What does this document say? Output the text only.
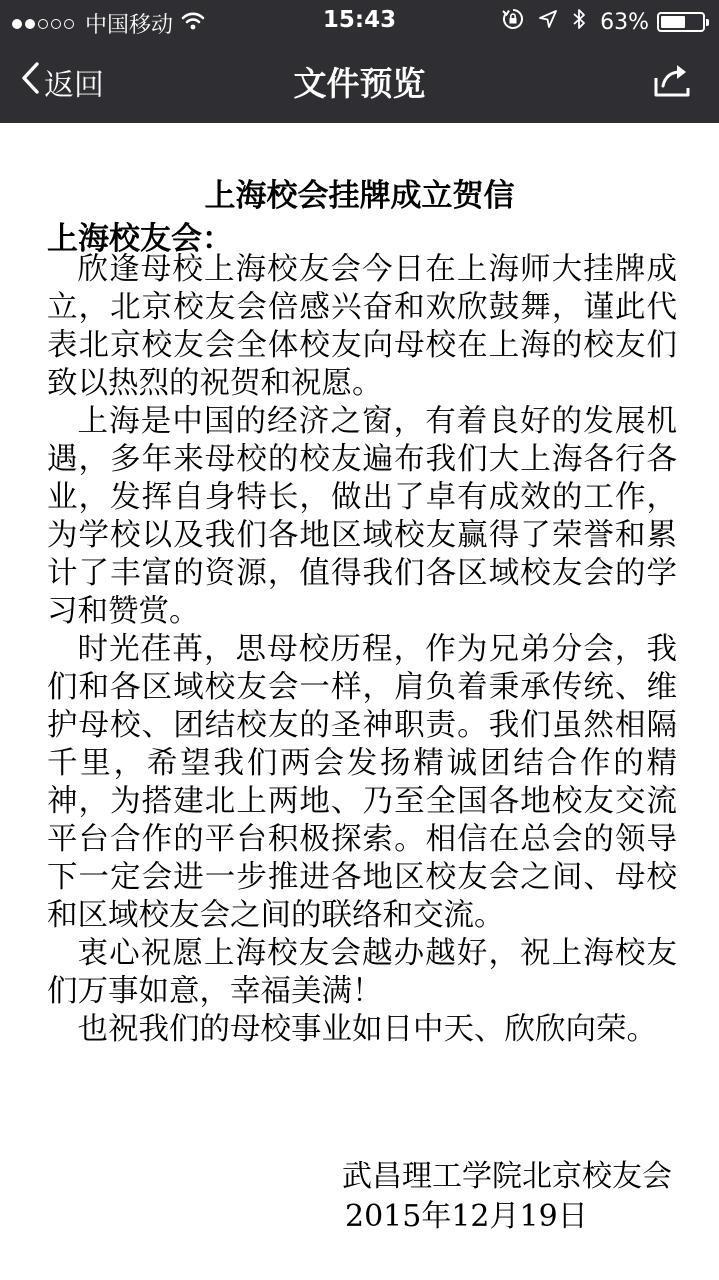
中国移动	15:43	63%
返回	文件预览
上海校会挂牌成立贺信
上海校友会：

欣逢母校上海校友会今日在上海师大挂牌成立，北京校友会倍感兴奋和欢欣鼓舞，谨此代表北京校友会全体校友向母校在上海的校友们致以热烈的祝贺和祝愿。

上海是中国的经济之窗，有着良好的发展机遇，多年来母校的校友遍布我们大上海各行各业，发挥自身特长，做出了卓有成效的工作，为学校以及我们各地区域校友赢得了荣誉和累计了丰富的资源，值得我们各区域校友会的学习和赞赏。

时光荏苒，思母校历程，作为兄弟分会，我们和各区域校友会一样，肩负着秉承传统、维护母校、团结校友的圣神职责。我们虽然相隔千里，希望我们两会发扬精诚团结合作的精神，为搭建北上两地、乃至全国各地校友交流平台合作的平台积极探索。相信在总会的领导下一定会进一步推进各地区校友会之间、母校和区域校友会之间的联络和交流。

衷心祝愿上海校友会越办越好，祝上海校友们万事如意，幸福美满！

也祝我们的母校事业如日中天、欣欣向荣。

武昌理工学院北京校友会
2015年12月19日
